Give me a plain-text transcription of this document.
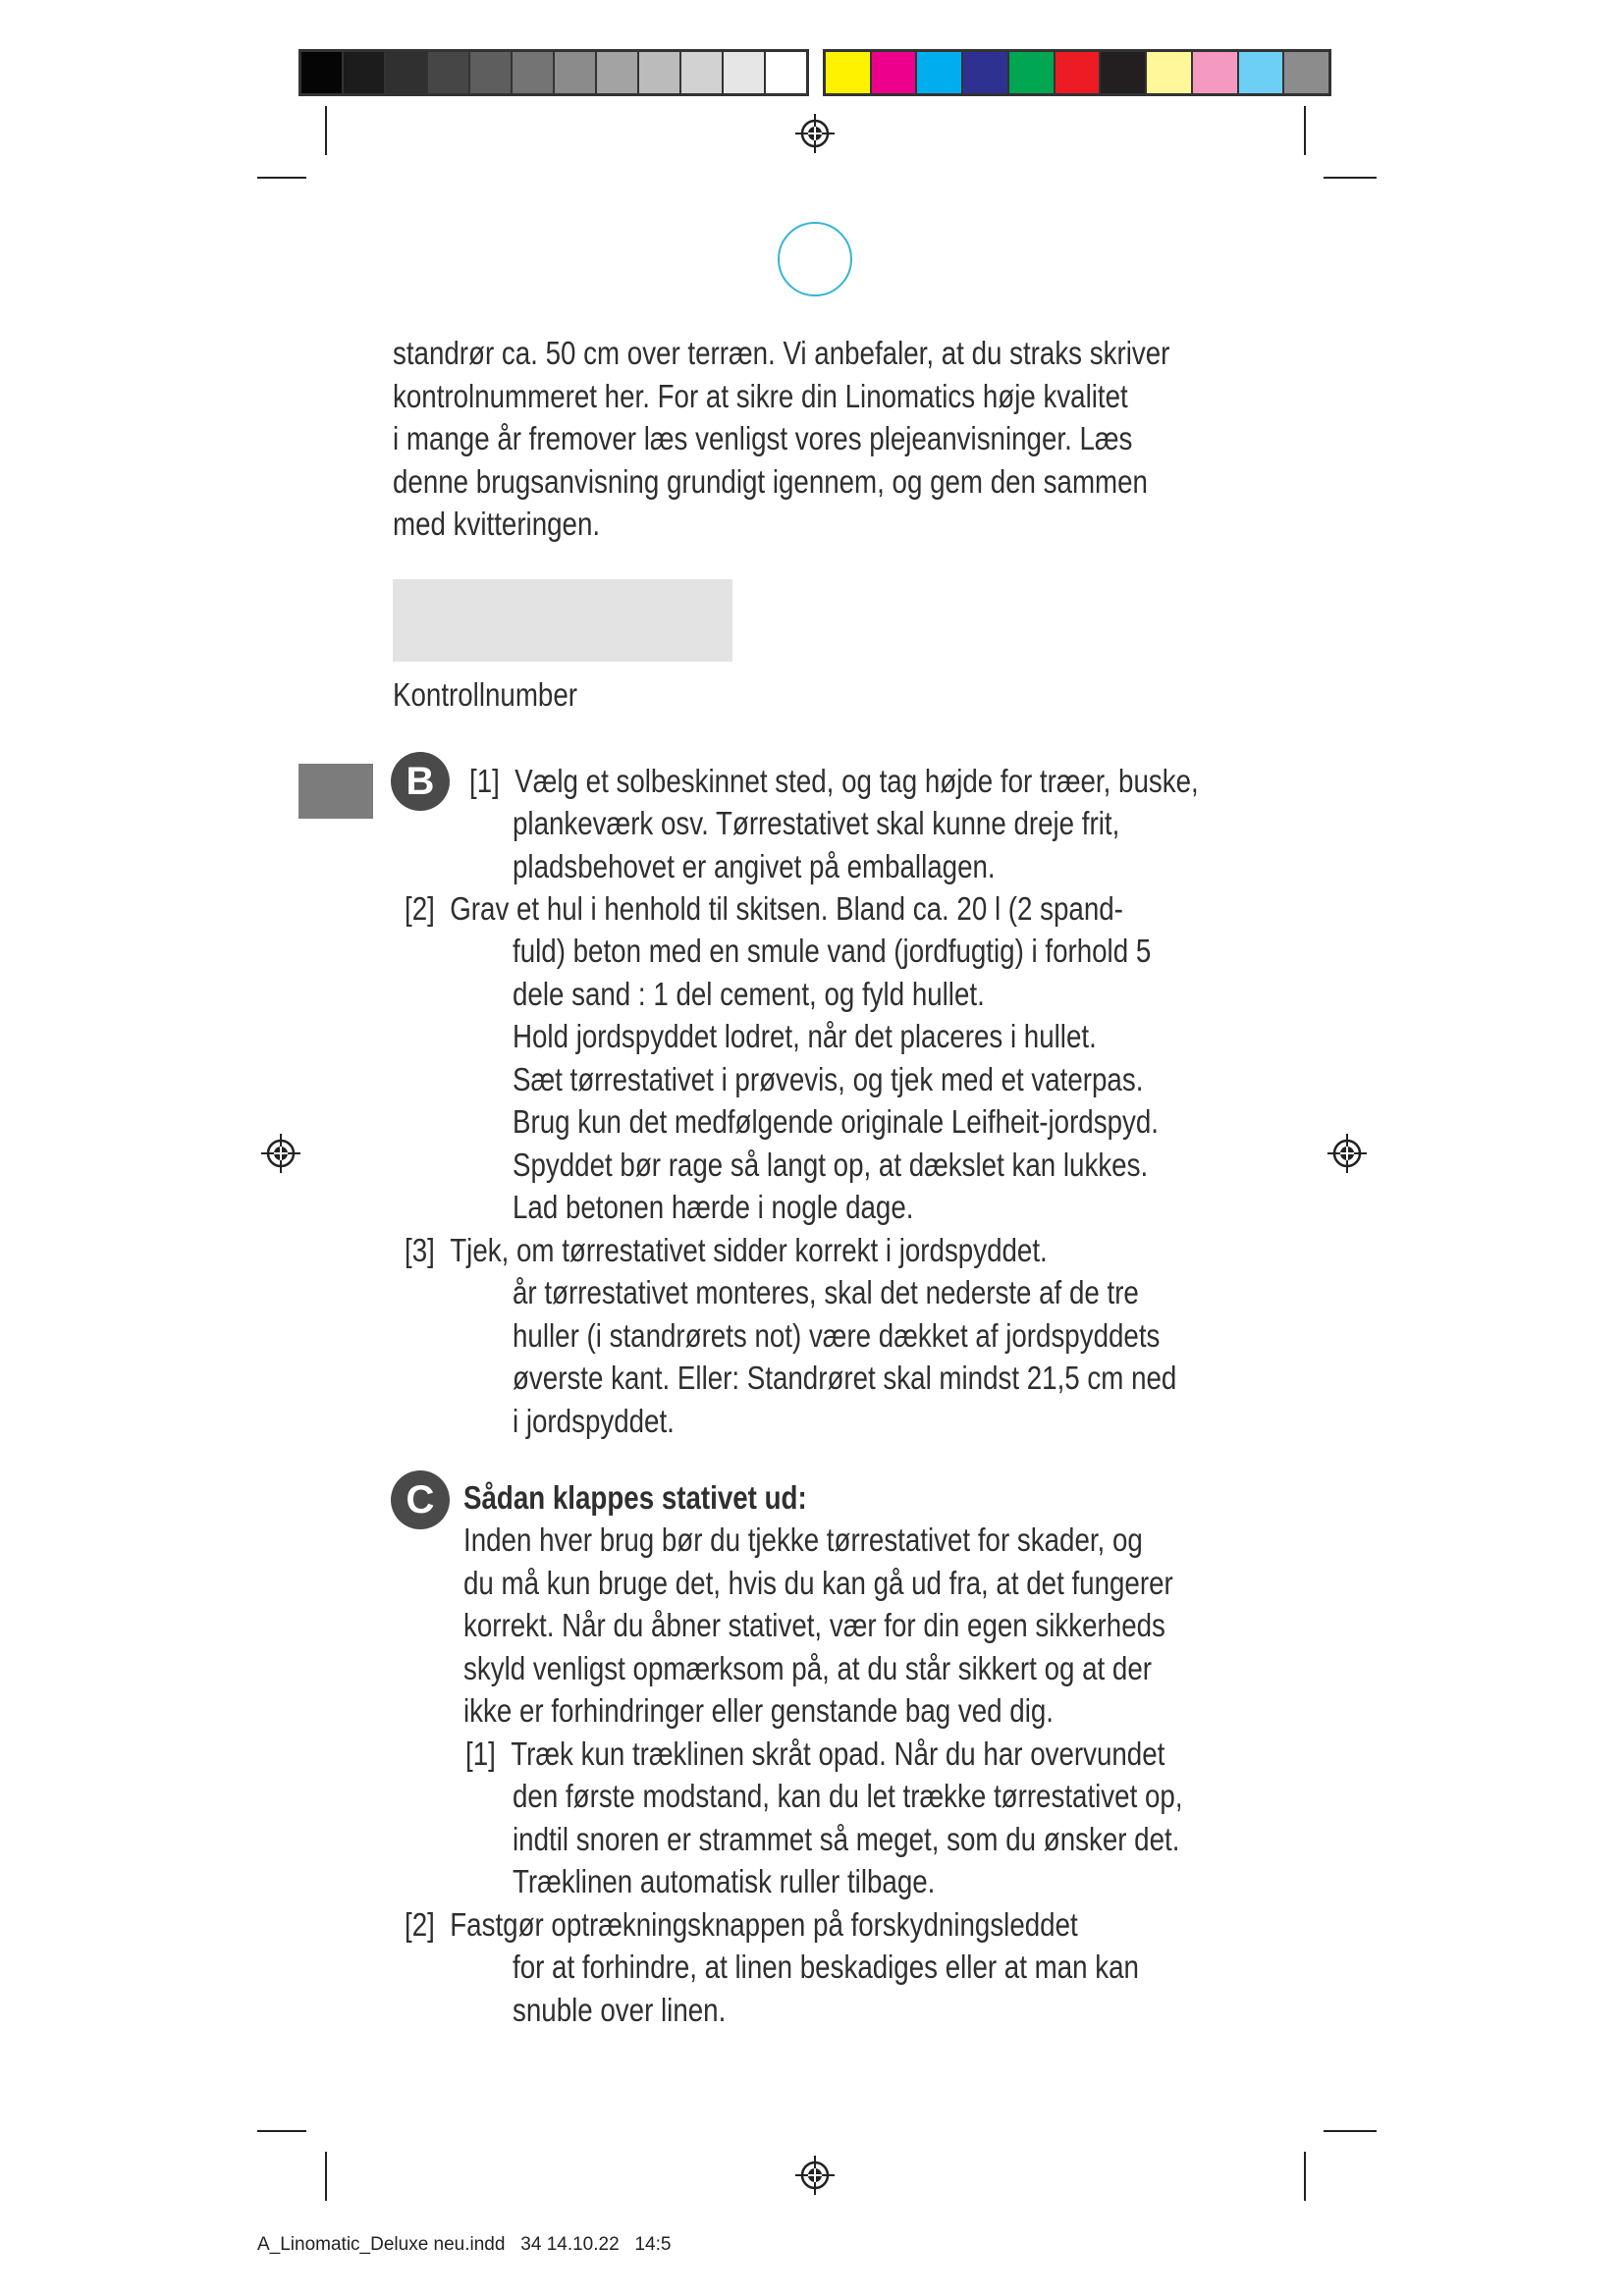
standrør ca. 50 cm over terræn. Vi anbefaler, at du straks skriver
kontrolnummeret her. For at sikre din Linomatics høje kvalitet
i mange år fremover læs venligst vores plejeanvisninger. Læs
denne brugsanvisning grundigt igennem, og gem den sammen
med kvitteringen.
Kontrollnumber
B	[1] Vælg et solbeskinnet sted, og tag højde for træer, buske,
plankeværk osv. Tørrestativet skal kunne dreje frit,
pladsbehovet er angivet på emballagen.
[2] Grav et hul i henhold til skitsen. Bland ca. 20 l (2 spand-
fuld) beton med en smule vand (jordfugtig) i forhold 5
dele sand : 1 del cement, og fyld hullet.
Hold jordspyddet lodret, når det placeres i hullet.
Sæt tørrestativet i prøvevis, og tjek med et vaterpas.
Brug kun det medfølgende originale Leifheit-jordspyd.
Spyddet bør rage så langt op, at dækslet kan lukkes.
Lad betonen hærde i nogle dage.
[3] Tjek, om tørrestativet sidder korrekt i jordspyddet.
år tørrestativet monteres, skal det nederste af de tre
huller (i standrørets not) være dækket af jordspyddets
øverste kant. Eller: Standrøret skal mindst 21,5 cm ned
i jordspyddet.
C Sådan klappes stativet ud:
Inden hver brug bør du tjekke tørrestativet for skader, og
du må kun bruge det, hvis du kan gå ud fra, at det fungerer
korrekt. Når du åbner stativet, vær for din egen sikkerheds
skyld venligst opmærksom på, at du står sikkert og at der
ikke er forhindringer eller genstande bag ved dig.
[1] Træk kun træklinen skråt opad. Når du har overvundet
den første modstand, kan du let trække tørrestativet op,
indtil snoren er strammet så meget, som du ønsker det.
Træklinen automatisk ruller tilbage.
[2] Fastgør optrækningsknappen på forskydningsleddet
for at forhindre, at linen beskadiges eller at man kan
snuble over linen.
A_Linomatic_Deluxe neu.indd   34 14.10.22   14:5
